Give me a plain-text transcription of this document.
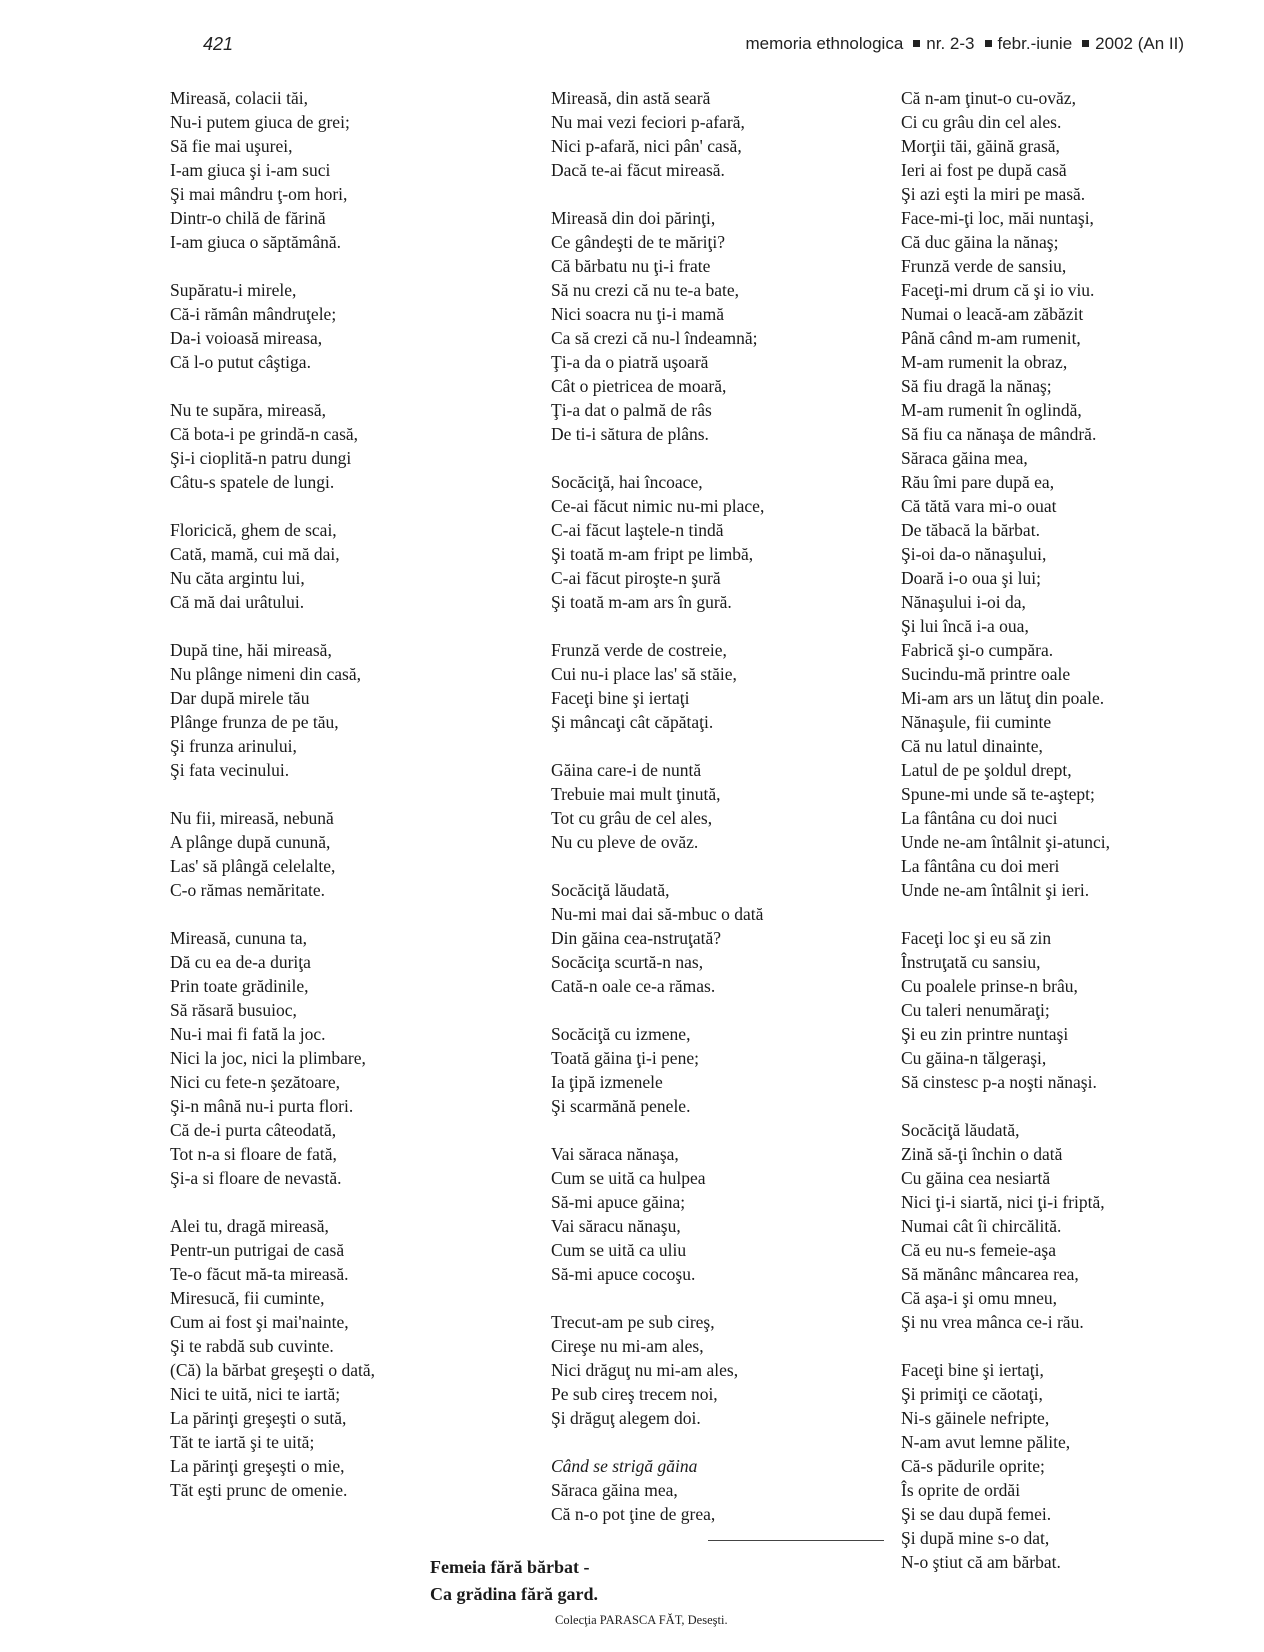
421	memoria ethnologica nr. 2-3 febr.-iunie 2002 (An II)
Mireasă, colacii tăi,
Nu-i putem giuca de grei;
Să fie mai uşurei,
I-am giuca şi i-am suci
Şi mai mândru ţ-om hori,
Dintr-o chilă de fărină
I-am giuca o săptămână.
Supăratu-i mirele,
Că-i rămân mândruţele;
Da-i voioasă mireasa,
Că l-o putut câştiga.
Nu te supăra, mireasă,
Că bota-i pe grindă-n casă,
Şi-i cioplită-n patru dungi
Câtu-s spatele de lungi.
Floricică, ghem de scai,
Cată, mamă, cui mă dai,
Nu căta argintu lui,
Că mă dai urâtului.
După tine, hăi mireasă,
Nu plânge nimeni din casă,
Dar după mirele tău
Plânge frunza de pe tău,
Şi frunza arinului,
Şi fata vecinului.
Nu fii, mireasă, nebună
A plânge după cunună,
Las' să plângă celelalte,
C-o rămas nemăritate.
Mireasă, cununa ta,
Dă cu ea de-a duriţa
Prin toate grădinile,
Să răsară busuioc,
Nu-i mai fi fată la joc.
Nici la joc, nici la plimbare,
Nici cu fete-n şezătoare,
Şi-n mână nu-i purta flori.
Că de-i purta câteodată,
Tot n-a si floare de fată,
Şi-a si floare de nevastă.
Alei tu, dragă mireasă,
Pentr-un putrigai de casă
Te-o făcut mă-ta mireasă.
Miresucă, fii cuminte,
Cum ai fost şi mai'nainte,
Şi te rabdă sub cuvinte.
(Că) la bărbat greşeşti o dată,
Nici te uită, nici te iartă;
La părinţi greşeşti o sută,
Tăt te iartă şi te uită;
La părinţi greşeşti o mie,
Tăt eşti prunc de omenie.
Mireasă, din astă seară
Nu mai vezi feciori p-afară,
Nici p-afară, nici pân' casă,
Dacă te-ai făcut mireasă.
Mireasă din doi părinţi,
Ce gândeşti de te măriţi?
Că bărbatu nu ţi-i frate
Să nu crezi că nu te-a bate,
Nici soacra nu ţi-i mamă
Ca să crezi că nu-l îndeamnă;
Ţi-a da o piatră uşoară
Cât o pietricea de moară,
Ţi-a dat o palmă de râs
De ti-i sătura de plâns.
Socăciţă, hai încoace,
Ce-ai făcut nimic nu-mi place,
C-ai făcut laştele-n tindă
Şi toată m-am fript pe limbă,
C-ai făcut piroşte-n şură
Şi toată m-am ars în gură.
Frunză verde de costreie,
Cui nu-i place las' să stăie,
Faceţi bine şi iertaţi
Şi mâncaţi cât căpătaţi.
Găina care-i de nuntă
Trebuie mai mult ţinută,
Tot cu grâu de cel ales,
Nu cu pleve de ovăz.
Socăciţă lăudată,
Nu-mi mai dai să-mbuc o dată
Din găina cea-nstruţată?
Socăciţa scurtă-n nas,
Cată-n oale ce-a rămas.
Socăciţă cu izmene,
Toată găina ţi-i pene;
Ia ţipă izmenele
Şi scarmănă penele.
Vai săraca nănaşa,
Cum se uită ca hulpea
Să-mi apuce găina;
Vai săracu nănaşu,
Cum se uită ca uliu
Să-mi apuce cocoşu.
Trecut-am pe sub cireş,
Cireşe nu mi-am ales,
Nici drăguţ nu mi-am ales,
Pe sub cireş trecem noi,
Şi drăguţ alegem doi.
Când se strigă găina
Săraca găina mea,
Că n-o pot ţine de grea,
Că n-am ţinut-o cu-ovăz,
Ci cu grâu din cel ales.
Morţii tăi, găină grasă,
Ieri ai fost pe după casă
Şi azi eşti la miri pe masă.
Face-mi-ţi loc, măi nuntaşi,
Că duc găina la nănaş;
Frunză verde de sansiu,
Faceţi-mi drum că şi io viu.
Numai o leacă-am zăbăzit
Până când m-am rumenit,
M-am rumenit la obraz,
Să fiu dragă la nănaş;
M-am rumenit în oglindă,
Să fiu ca nănaşa de mândră.
Săraca găina mea,
Rău îmi pare după ea,
Că tătă vara mi-o ouat
De tăbacă la bărbat.
Şi-oi da-o nănaşului,
Doară i-o oua şi lui;
Nănaşului i-oi da,
Şi lui încă i-a oua,
Fabrică şi-o cumpăra.
Sucindu-mă printre oale
Mi-am ars un lătuţ din poale.
Nănaşule, fii cuminte
Că nu latul dinainte,
Latul de pe şoldul drept,
Spune-mi unde să te-aştept;
La fântâna cu doi nuci
Unde ne-am întâlnit şi-atunci,
La fântâna cu doi meri
Unde ne-am întâlnit şi ieri.
Faceţi loc şi eu să zin
Înstruţată cu sansiu,
Cu poalele prinse-n brâu,
Cu taleri nenumăraţi;
Şi eu zin printre nuntaşi
Cu găina-n tălgeraşi,
Să cinstesc p-a noşti nănaşi.
Socăciţă lăudată,
Zină să-ţi închin o dată
Cu găina cea nesiartă
Nici ţi-i siartă, nici ţi-i friptă,
Numai cât îi chircălită.
Că eu nu-s femeie-aşa
Să mănânc mâncarea rea,
Că aşa-i şi omu mneu,
Şi nu vrea mânca ce-i rău.
Faceţi bine şi iertaţi,
Şi primiţi ce căotaţi,
Ni-s găinele nefripte,
N-am avut lemne pălite,
Că-s pădurile oprite;
Îs oprite de ordăi
Şi se dau după femei.
Şi după mine s-o dat,
N-o ştiut că am bărbat.
Femeia fără bărbat -
Ca grădina fără gard.
Colecţia PARASCA FĂT, Deseşti.
